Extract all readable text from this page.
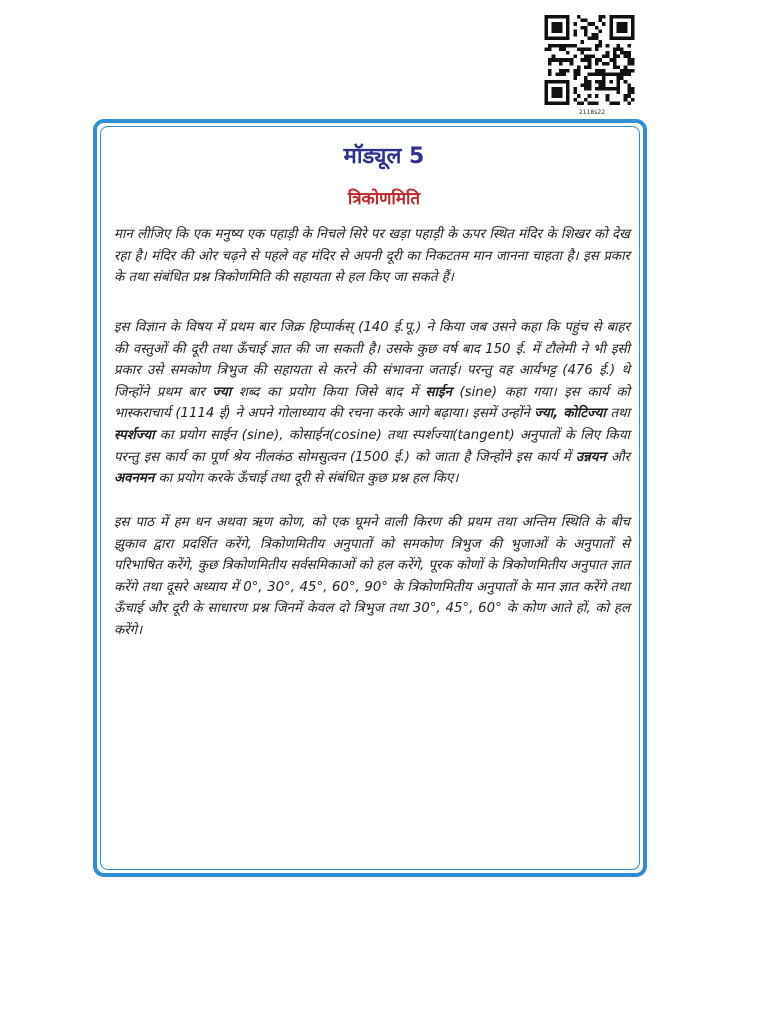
2118s22
मॉड्यूल 5
त्रिकोणमिति

मान लीजिए कि एक मनुष्य एक पहाड़ी के निचले सिरे पर खड़ा पहाड़ी के ऊपर स्थित मंदिर के शिखर को देख रहा है। मंदिर की ओर चढ़ने से पहले वह मंदिर से अपनी दूरी का निकटतम मान जानना चाहता है। इस प्रकार के तथा संबंधित प्रश्न त्रिकोणमिति की सहायता से हल किए जा सकते हैं।

इस विज्ञान के विषय में प्रथम बार जिक्र हिप्पार्कस् (140 ई.पू.) ने किया जब उसने कहा कि पहुंच से बाहर की वस्तुओं की दूरी तथा ऊँचाई ज्ञात की जा सकती है। उसके कुछ वर्ष बाद 150 ई. में टौलेमी ने भी इसी प्रकार उसे समकोण त्रिभुज की सहायता से करने की संभावना जताई। परन्तु वह आर्यभट्ट (476 ई.) थे जिन्होंने प्रथम बार ज्या शब्द का प्रयोग किया जिसे बाद में साईन (sine) कहा गया। इस कार्य को भास्कराचार्य (1114 ई) ने अपने गोलाध्याय की रचना करके आगे बढ़ाया। इसमें उन्होंने ज्या, कोटिज्या तथा स्पर्शज्या का प्रयोग साईन (sine), कोसाईन(cosine) तथा स्पर्शज्या(tangent) अनुपातों के लिए किया परन्तु इस कार्य का पूर्ण श्रेय नीलकंठ सोमसुत्वन (1500 ई.) को जाता है जिन्होंने इस कार्य में उन्नयन और अवनमन का प्रयोग करके ऊँचाई तथा दूरी से संबंधित कुछ प्रश्न हल किए।

इस पाठ में हम धन अथवा ऋण कोण, को एक घूमने वाली किरण की प्रथम तथा अन्तिम स्थिति के बीच झुकाव द्वारा प्रदर्शित करेंगे, त्रिकोणमितीय अनुपातों को समकोण त्रिभुज की भुजाओं के अनुपातों से परिभाषित करेंगे, कुछ त्रिकोणमितीय सर्वसमिकाओं को हल करेंगे, पूरक कोणों के त्रिकोणमितीय अनुपात ज्ञात करेंगे तथा दूसरे अध्याय में 0°, 30°, 45°, 60°, 90° के त्रिकोणमितीय अनुपातों के मान ज्ञात करेंगे तथा ऊँचाई और दूरी के साधारण प्रश्न जिनमें केवल दो त्रिभुज तथा 30°, 45°, 60° के कोण आते हों, को हल करेंगे।
